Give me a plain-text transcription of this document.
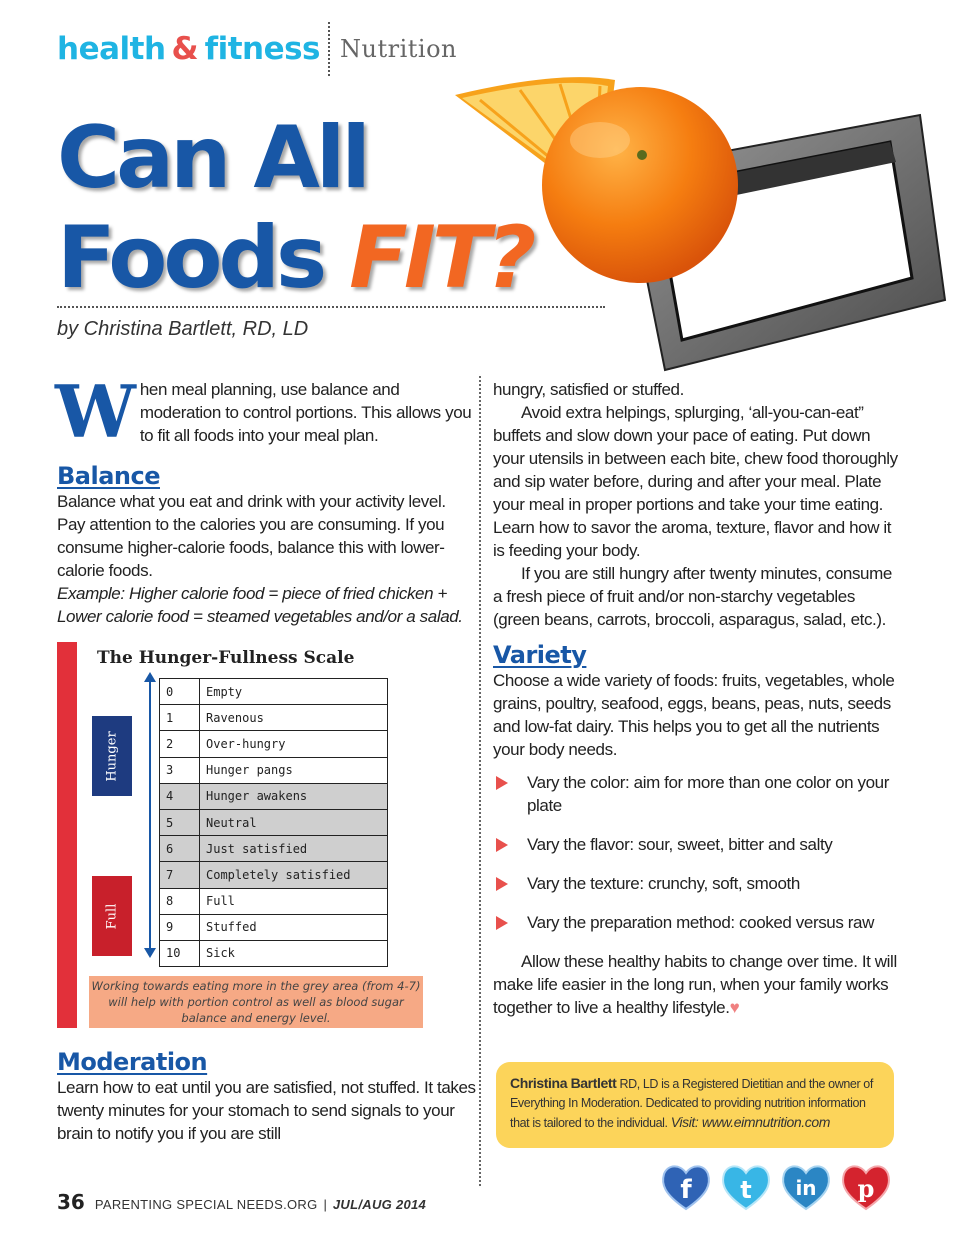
health & fitness Nutrition
Can All
Foods FIT?
by Christina Bartlett, RD, LD
W hen meal planning, use balance and moderation to control portions. This allows you to fit all foods into your meal plan.

Balance

Balance what you eat and drink with your activity level. Pay attention to the calories you are consuming. If you consume higher-calorie foods, balance this with lower-calorie foods.

Example: Higher calorie food = piece of fried chicken + Lower calorie food = steamed vegetables and/or a salad.

The Hunger-Fullness Scale
Hunger
Full
0	Empty
1	Ravenous
2	Over-hungry
3	Hunger pangs
4	Hunger awakens
5	Neutral
6	Just satisfied
7	Completely satisfied
8	Full
9	Stuffed
10	Sick
Working towards eating more in the grey area (from 4-7) will help with portion control as well as blood sugar balance and energy level.
Moderation

Learn how to eat until you are satisfied, not stuffed. It takes twenty minutes for your stomach to send signals to your brain to notify you if you are still

hungry, satisfied or stuffed.

Avoid extra helpings, splurging, ‘all-you-can-eat” buffets and slow down your pace of eating. Put down your utensils in between each bite, chew food thoroughly and sip water before, during and after your meal. Plate your meal in proper portions and take your time eating. Learn how to savor the aroma, texture, flavor and how it is feeding your body.

If you are still hungry after twenty minutes, consume a fresh piece of fruit and/or non-starchy vegetables (green beans, carrots, broccoli, asparagus, salad, etc.).

Variety

Choose a wide variety of foods: fruits, vegetables, whole grains, poultry, seafood, eggs, beans, peas, nuts, seeds and low-fat dairy. This helps you to get all the nutrients your body needs.

Vary the color: aim for more than one color on your plate
Vary the flavor: sour, sweet, bitter and salty
Vary the texture: crunchy, soft, smooth
Vary the preparation method: cooked versus raw

Allow these healthy habits to change over time. It will make life easier in the long run, when your family works together to live a healthy lifestyle.♥

Christina Bartlett RD, LD is a Registered Dietitian and the owner of Everything In Moderation. Dedicated to providing nutrition information that is tailored to the individual. Visit: www.eimnutrition.com
36 PARENTING SPECIAL NEEDS.ORG | JUL/AUG 2014	f t in p
